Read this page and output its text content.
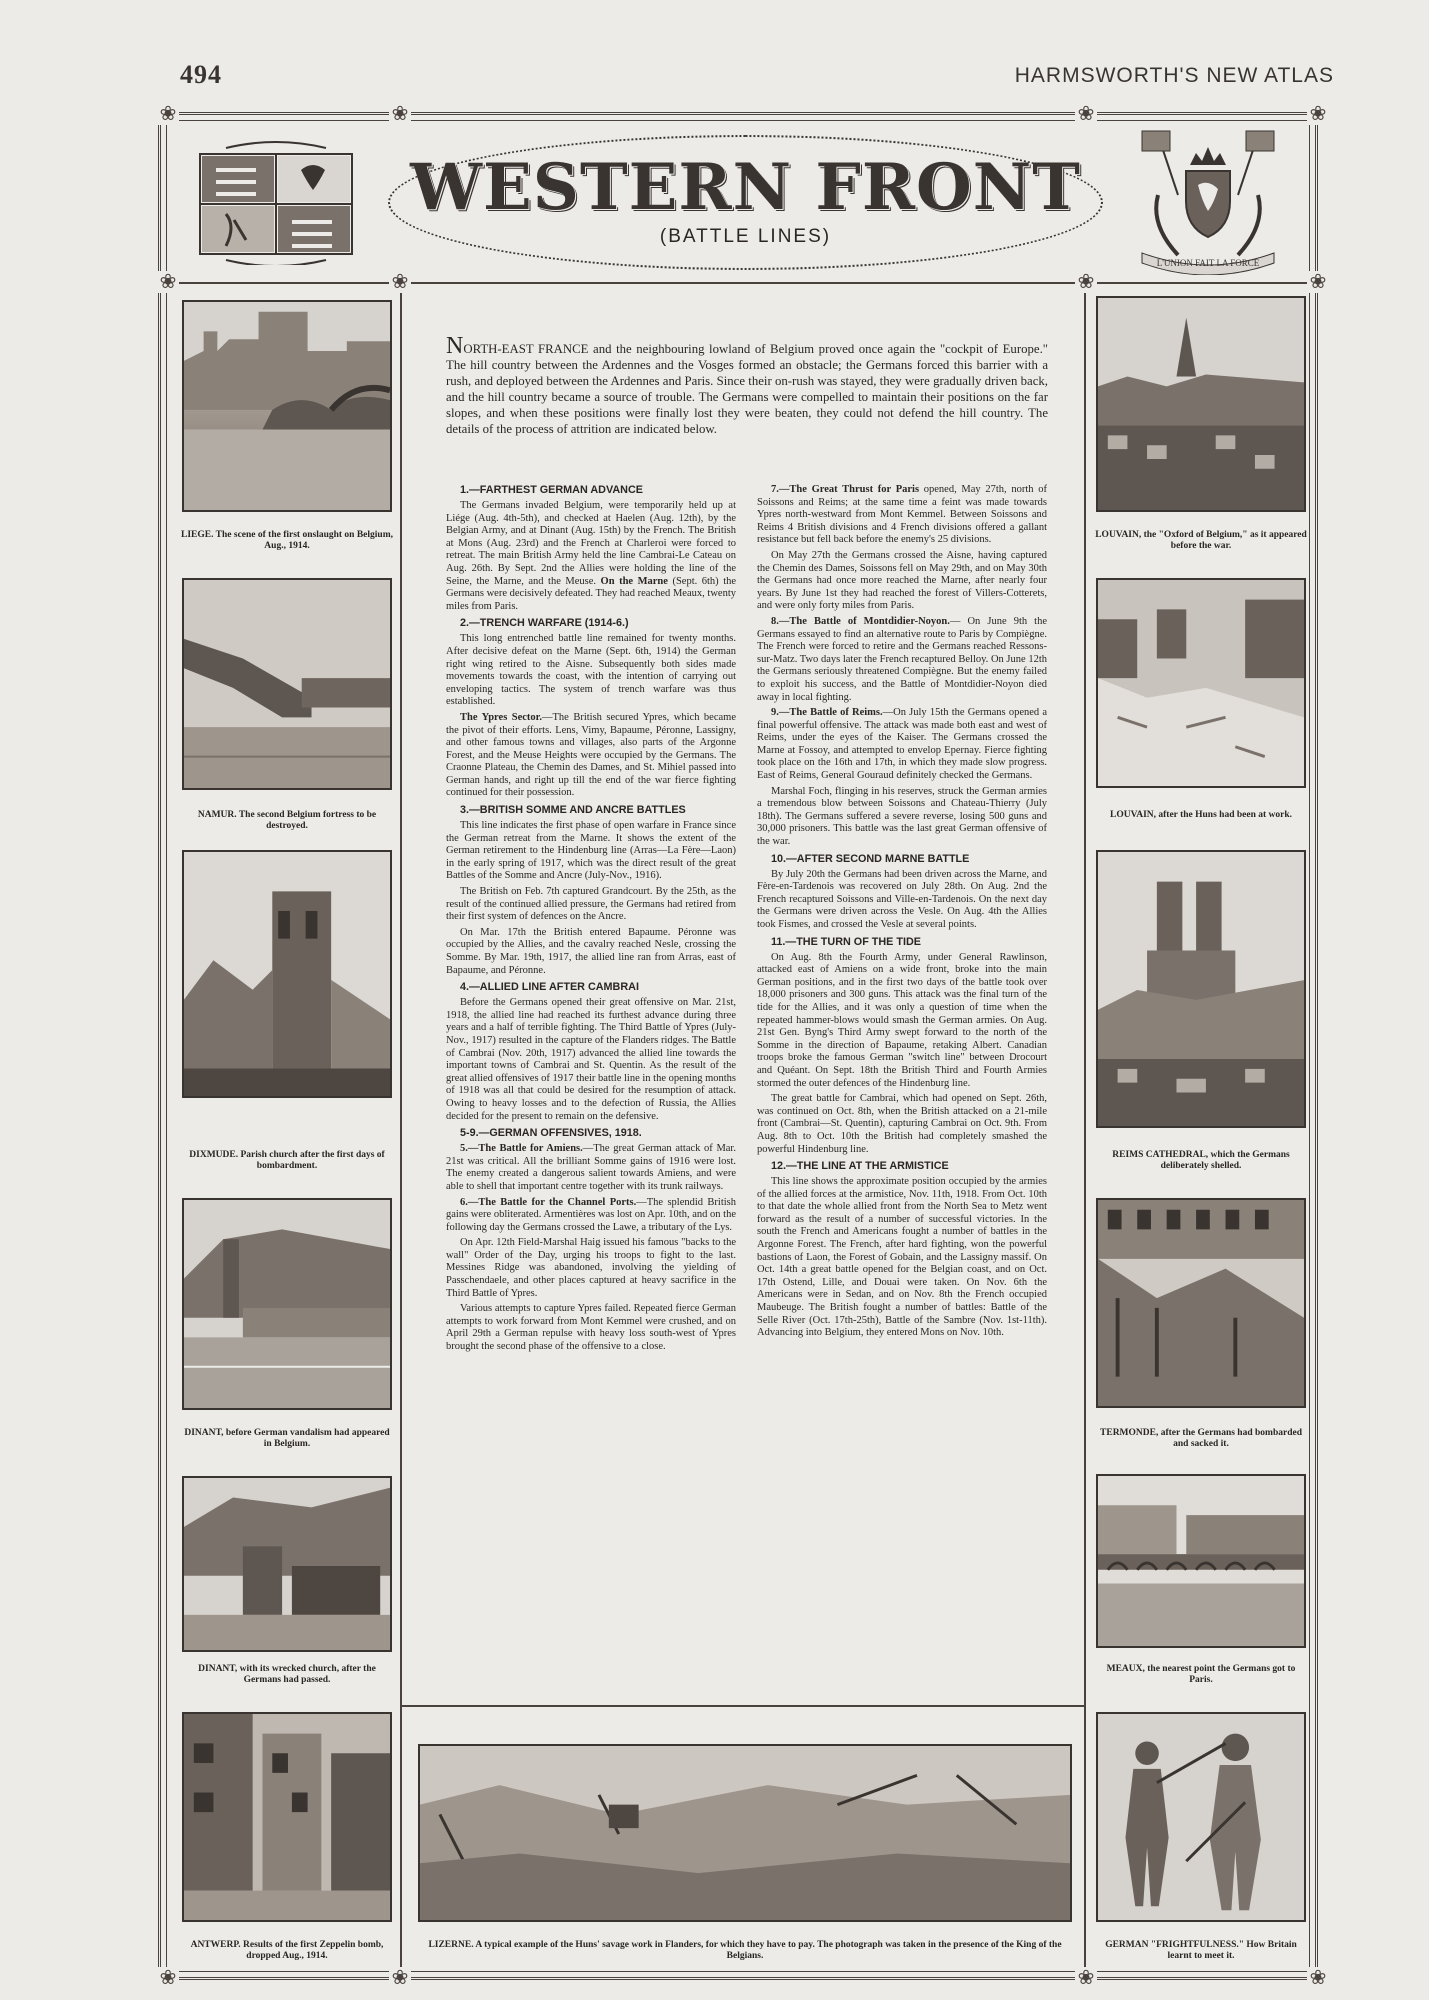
494	HARMSWORTH'S NEW ATLAS
❀	❀	❀	❀
❀	❀	❀	❀
❀	❀	❀	❀
WESTERN FRONT
(BATTLE LINES)
L'UNION FAIT LA FORCE
LIEGE. The scene of the first onslaught on Belgium, Aug., 1914.
NAMUR. The second Belgium fortress to be destroyed.
DIXMUDE. Parish church after the first days of bombardment.
DINANT, before German vandalism had appeared in Belgium.
DINANT, with its wrecked church, after the Germans had passed.
ANTWERP. Results of the first Zeppelin bomb, dropped Aug., 1914.
LOUVAIN, the "Oxford of Belgium," as it appeared before the war.
LOUVAIN, after the Huns had been at work.
REIMS CATHEDRAL, which the Germans deliberately shelled.
TERMONDE, after the Germans had bombarded and sacked it.
MEAUX, the nearest point the Germans got to Paris.
GERMAN "FRIGHTFULNESS." How Britain learnt to meet it.
LIZERNE. A typical example of the Huns' savage work in Flanders, for which they have to pay. The photograph was taken in the presence of the King of the Belgians.
NORTH-EAST FRANCE and the neighbouring lowland of Belgium proved once again the "cockpit of Europe." The hill country between the Ardennes and the Vosges formed an obstacle; the Germans forced this barrier with a rush, and deployed between the Ardennes and Paris. Since their on-rush was stayed, they were gradually driven back, and the hill country became a source of trouble. The Germans were compelled to maintain their positions on the far slopes, and when these positions were finally lost they were beaten, they could not defend the hill country. The details of the process of attrition are indicated below.
1.—FARTHEST GERMAN ADVANCE

The Germans invaded Belgium, were temporarily held up at Liége (Aug. 4th-5th), and checked at Haelen (Aug. 12th), by the Belgian Army, and at Dinant (Aug. 15th) by the French. The British at Mons (Aug. 23rd) and the French at Charleroi were forced to retreat. The main British Army held the line Cambrai-Le Cateau on Aug. 26th. By Sept. 2nd the Allies were holding the line of the Seine, the Marne, and the Meuse. On the Marne (Sept. 6th) the Germans were decisively defeated. They had reached Meaux, twenty miles from Paris.

2.—TRENCH WARFARE (1914-6.)

This long entrenched battle line remained for twenty months. After decisive defeat on the Marne (Sept. 6th, 1914) the German right wing retired to the Aisne. Subsequently both sides made movements towards the coast, with the intention of carrying out enveloping tactics. The system of trench warfare was thus established.

The Ypres Sector.—The British secured Ypres, which became the pivot of their efforts. Lens, Vimy, Bapaume, Péronne, Lassigny, and other famous towns and villages, also parts of the Argonne Forest, and the Meuse Heights were occupied by the Germans. The Craonne Plateau, the Chemin des Dames, and St. Mihiel passed into German hands, and right up till the end of the war fierce fighting continued for their possession.

3.—BRITISH SOMME AND ANCRE BATTLES

This line indicates the first phase of open warfare in France since the German retreat from the Marne. It shows the extent of the German retirement to the Hindenburg line (Arras—La Fère—Laon) in the early spring of 1917, which was the direct result of the great Battles of the Somme and Ancre (July-Nov., 1916).

The British on Feb. 7th captured Grandcourt. By the 25th, as the result of the continued allied pressure, the Germans had retired from their first system of defences on the Ancre.

On Mar. 17th the British entered Bapaume. Péronne was occupied by the Allies, and the cavalry reached Nesle, crossing the Somme. By Mar. 19th, 1917, the allied line ran from Arras, east of Bapaume, and Péronne.

4.—ALLIED LINE AFTER CAMBRAI

Before the Germans opened their great offensive on Mar. 21st, 1918, the allied line had reached its furthest advance during three years and a half of terrible fighting. The Third Battle of Ypres (July-Nov., 1917) resulted in the capture of the Flanders ridges. The Battle of Cambrai (Nov. 20th, 1917) advanced the allied line towards the important towns of Cambrai and St. Quentin. As the result of the great allied offensives of 1917 their battle line in the opening months of 1918 was all that could be desired for the resumption of attack. Owing to heavy losses and to the defection of Russia, the Allies decided for the present to remain on the defensive.

5-9.—GERMAN OFFENSIVES, 1918.

5.—The Battle for Amiens.—The great German attack of Mar. 21st was critical. All the brilliant Somme gains of 1916 were lost. The enemy created a dangerous salient towards Amiens, and were able to shell that important centre together with its trunk railways.

6.—The Battle for the Channel Ports.—The splendid British gains were obliterated. Armentières was lost on Apr. 10th, and on the following day the Germans crossed the Lawe, a tributary of the Lys.

On Apr. 12th Field-Marshal Haig issued his famous "backs to the wall" Order of the Day, urging his troops to fight to the last. Messines Ridge was abandoned, involving the yielding of Passchendaele, and other places captured at heavy sacrifice in the Third Battle of Ypres.

Various attempts to capture Ypres failed. Repeated fierce German attempts to work forward from Mont Kemmel were crushed, and on April 29th a German repulse with heavy loss south-west of Ypres brought the second phase of the offensive to a close.

7.—The Great Thrust for Paris opened, May 27th, north of Soissons and Reims; at the same time a feint was made towards Ypres north-westward from Mont Kemmel. Between Soissons and Reims 4 British divisions and 4 French divisions offered a gallant resistance but fell back before the enemy's 25 divisions.

On May 27th the Germans crossed the Aisne, having captured the Chemin des Dames, Soissons fell on May 29th, and on May 30th the Germans had once more reached the Marne, after nearly four years. By June 1st they had reached the forest of Villers-Cotterets, and were only forty miles from Paris.

8.—The Battle of Montdidier-Noyon.— On June 9th the Germans essayed to find an alternative route to Paris by Compiègne. The French were forced to retire and the Germans reached Ressons-sur-Matz. Two days later the French recaptured Belloy. On June 12th the Germans seriously threatened Compiègne. But the enemy failed to exploit his success, and the Battle of Montdidier-Noyon died away in local fighting.

9.—The Battle of Reims.—On July 15th the Germans opened a final powerful offensive. The attack was made both east and west of Reims, under the eyes of the Kaiser. The Germans crossed the Marne at Fossoy, and attempted to envelop Epernay. Fierce fighting took place on the 16th and 17th, in which they made slow progress. East of Reims, General Gouraud definitely checked the Germans.

Marshal Foch, flinging in his reserves, struck the German armies a tremendous blow between Soissons and Chateau-Thierry (July 18th). The Germans suffered a severe reverse, losing 500 guns and 30,000 prisoners. This battle was the last great German offensive of the war.

10.—AFTER SECOND MARNE BATTLE

By July 20th the Germans had been driven across the Marne, and Fère-en-Tardenois was recovered on July 28th. On Aug. 2nd the French recaptured Soissons and Ville-en-Tardenois. On the next day the Germans were driven across the Vesle. On Aug. 4th the Allies took Fismes, and crossed the Vesle at several points.

11.—THE TURN OF THE TIDE

On Aug. 8th the Fourth Army, under General Rawlinson, attacked east of Amiens on a wide front, broke into the main German positions, and in the first two days of the battle took over 18,000 prisoners and 300 guns. This attack was the final turn of the tide for the Allies, and it was only a question of time when the repeated hammer-blows would smash the German armies. On Aug. 21st Gen. Byng's Third Army swept forward to the north of the Somme in the direction of Bapaume, retaking Albert. Canadian troops broke the famous German "switch line" between Drocourt and Quéant. On Sept. 18th the British Third and Fourth Armies stormed the outer defences of the Hindenburg line.

The great battle for Cambrai, which had opened on Sept. 26th, was continued on Oct. 8th, when the British attacked on a 21-mile front (Cambrai—St. Quentin), capturing Cambrai on Oct. 9th. From Aug. 8th to Oct. 10th the British had completely smashed the powerful Hindenburg line.

12.—THE LINE AT THE ARMISTICE

This line shows the approximate position occupied by the armies of the allied forces at the armistice, Nov. 11th, 1918. From Oct. 10th to that date the whole allied front from the North Sea to Metz went forward as the result of a number of successful victories. In the south the French and Americans fought a number of battles in the Argonne Forest. The French, after hard fighting, won the powerful bastions of Laon, the Forest of Gobain, and the Lassigny massif. On Oct. 14th a great battle opened for the Belgian coast, and on Oct. 17th Ostend, Lille, and Douai were taken. On Nov. 6th the Americans were in Sedan, and on Nov. 8th the French occupied Maubeuge. The British fought a number of battles: Battle of the Selle River (Oct. 17th-25th), Battle of the Sambre (Nov. 1st-11th). Advancing into Belgium, they entered Mons on Nov. 10th.
